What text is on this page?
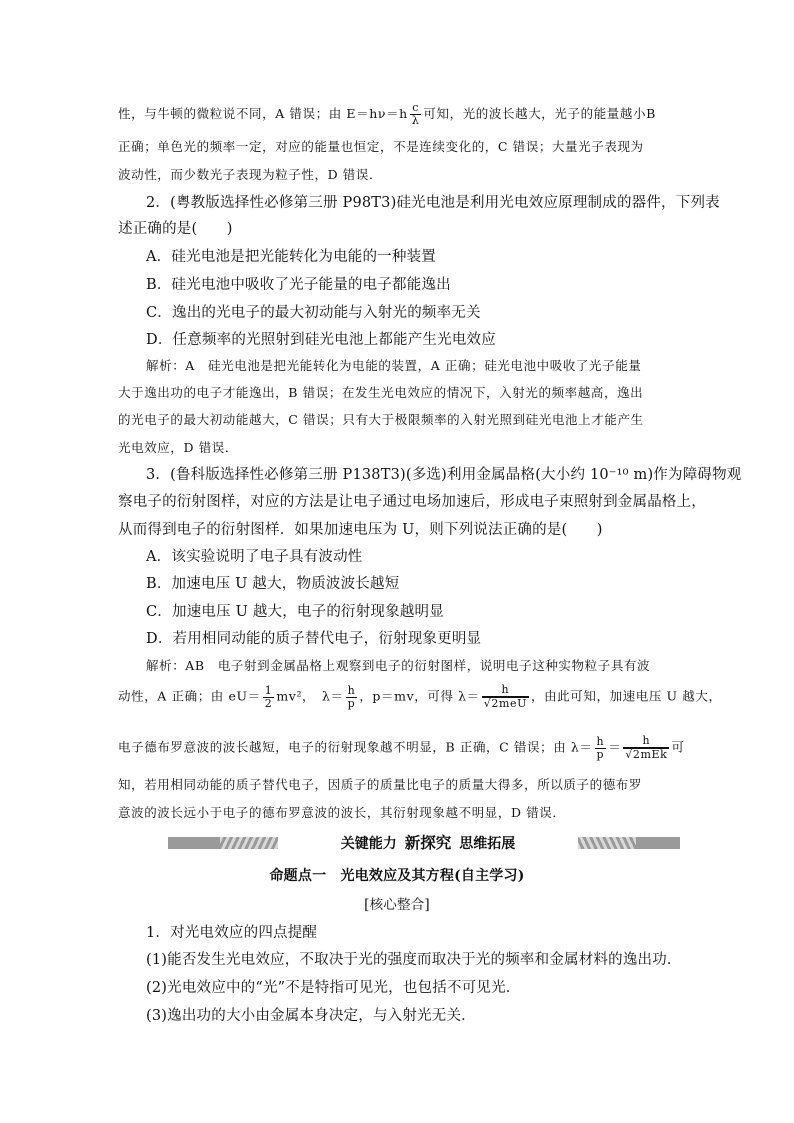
性，与牛顿的微粒说不同，A 错误；由 $E=h\nu=h \frac{c}{\lambda}$ 可知，光的波长越大，光子的能量越小B
正确；单色光的频率一定，对应的能量也恒定，不是连续变化的，C 错误；大量光子表现为
波动性，而少数光子表现为粒子性，D 错误．
2．(粤教版选择性必修第三册 P98T3)硅光电池是利用光电效应原理制成的器件，下列表
述正确的是(　　)
A．硅光电池是把光能转化为电能的一种装置
B．硅光电池中吸收了光子能量的电子都能逸出
C．逸出的光电子的最大初动能与入射光的频率无关
D．任意频率的光照射到硅光电池上都能产生光电效应
解析：A　硅光电池是把光能转化为电能的装置，A 正确；硅光电池中吸收了光子能量
大于逸出功的电子才能逸出，B 错误；在发生光电效应的情况下，入射光的频率越高，逸出
的光电子的最大初动能越大，C 错误；只有大于极限频率的入射光照到硅光电池上才能产生
光电效应，D 错误．
3．(鲁科版选择性必修第三册 P138T3)(多选)利用金属晶格(大小约 10⁻¹⁰ m)作为障碍物观
察电子的衍射图样，对应的方法是让电子通过电场加速后，形成电子束照射到金属晶格上，
从而得到电子的衍射图样．如果加速电压为 U，则下列说法正确的是(　　)
A．该实验说明了电子具有波动性
B．加速电压 U 越大，物质波波长越短
C．加速电压 U 越大，电子的衍射现象越明显
D．若用相同动能的质子替代电子，衍射现象更明显
解析：AB　电子射到金属晶格上观察到电子的衍射图样，说明电子这种实物粒子具有波
动性，A 正确；由 $eU= \frac{1}{2} mv^2$，　$\lambda= \frac{h}{p}$ ，p＝mv，可得 $\lambda= \frac{h}{\text{√2meU}}$ ，由此可知，加速电压 U 越大，
电子德布罗意波的波长越短，电子的衍射现象越不明显，B 正确，C 错误；由 $\lambda= \frac{h}{p} = \frac{h}{\text{√2mEk}}$ 可
知，若用相同动能的质子替代电子，因质子的质量比电子的质量大得多，所以质子的德布罗
意波的波长远小于电子的德布罗意波的波长，其衍射现象越不明显，D 错误．
关键能力 新探究 思维拓展
命题点一　光电效应及其方程(自主学习)
[核心整合]
1．对光电效应的四点提醒
(1)能否发生光电效应，不取决于光的强度而取决于光的频率和金属材料的逸出功．
(2)光电效应中的“光”不是特指可见光，也包括不可见光．
(3)逸出功的大小由金属本身决定，与入射光无关．
